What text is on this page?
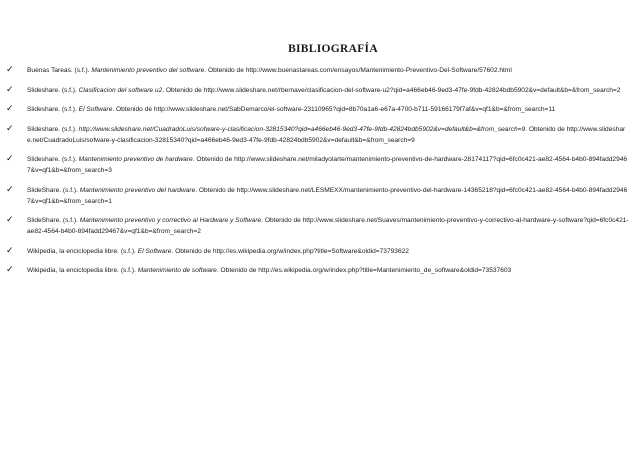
BIBLIOGRAFÍA
✓	Buenas Tareas. (s.f.). Mantenimiento preventivo del software. Obtenido de http://www.buenastareas.com/ensayos/Mantenimiento-Preventivo-Del-Software/57602.html
✓	Slideshare. (s.f.). Clasificacion del software u2. Obtenido de http://www.slideshare.net/rbernave/clasificacion-del-software-u2?qid=a466eb46-9ed3-47fe-9fdb-42824bdb5902&v=default&b=&from_search=2
✓	Slideshare. (s.f.). El Software. Obtenido de http://www.slideshare.net/SabDemarco/el-software-23110965?qid=8b70a1a6-e67a-4700-b711-59166179f7af&v=qf1&b=&from_search=11
✓	Slideshare. (s.f.). http://www.slideshare.net/CuadradoLuis/sofware-y-clasificacion-32815340?qid=a466eb46-9ed3-47fe-9fdb-42824bdb5902&v=default&b=&from_search=9. Obtenido de http://www.slideshare.net/CuadradoLuis/sofware-y-clasificacion-32815340?qid=a466eb46-9ed3-47fe-9fdb-42824bdb5902&v=default&b=&from_search=9
✓	Slideshare. (s.f.). Mantenimiento preventivo de hardware. Obtenido de http://www.slideshare.net/miladyolarte/mantenimiento-preventivo-de-hardware-28174117?qid=6fc0c421-ae82-4564-b4b0-894fadd29467&v=qf1&b=&from_search=3
✓	SlideShare. (s.f.). Mantenimiento preventivo del hardware. Obtenido de http://www.slideshare.net/LESMEXX/mantenimiento-preventivo-del-hardware-14365218?qid=6fc0c421-ae82-4564-b4b0-894fadd29467&v=qf1&b=&from_search=1
✓	SlideShare. (s.f.). Mantenimiento preventivo y correctivo al Hardware y Software. Obtenido de http://www.slideshare.net/Suaves/mantenimiento-preventivo-y-correctivo-al-hardware-y-software?qid=6fc0c421-ae82-4564-b4b0-894fadd29467&v=qf1&b=&from_search=2
✓	Wikipedia, la enciclopedia libre. (s.f.). El Software. Obtenido de http://es.wikipedia.org/w/index.php?title=Software&oldid=73793622
✓	Wikipedia, la enciclopedia libre. (s.f.). Mantenimiento de software. Obtenido de http://es.wikipedia.org/w/index.php?title=Mantenimiento_de_software&oldid=73537603
